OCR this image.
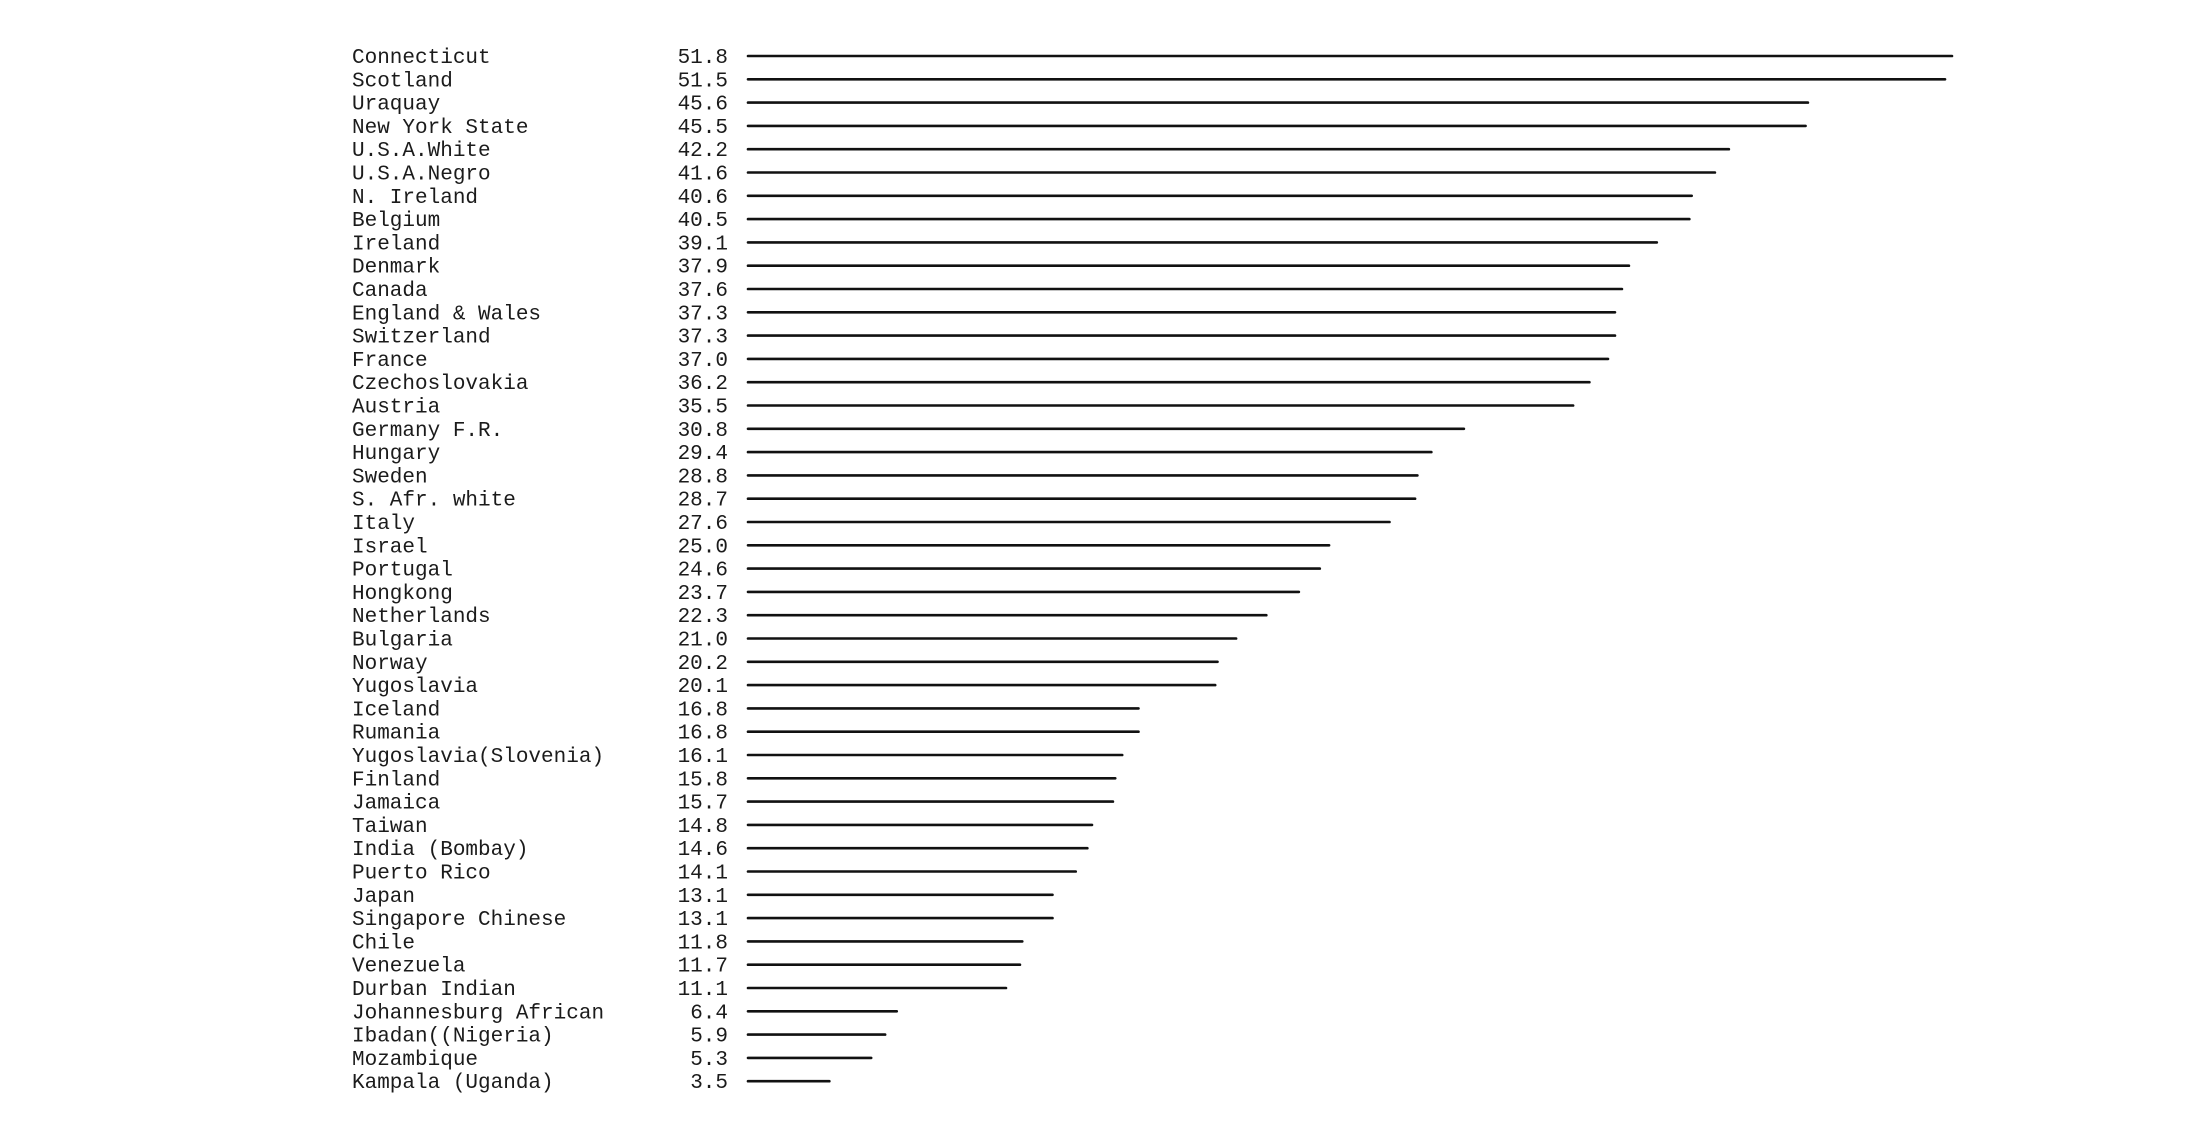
Connecticut
Scotland
Uraquay
New York State
U.S.A.White
U.S.A.Negro
N. Ireland
Belgium
Ireland
Denmark
Canada
England & Wales
Switzerland
France
Czechoslovakia
Austria
Germany F.R.
Hungary
Sweden
S. Afr. white
Italy
Israel
Portugal
Hongkong
Netherlands
Bulgaria
Norway
Yugoslavia
Iceland
Rumania
Yugoslavia(Slovenia)
Finland
Jamaica
Taiwan
India (Bombay)
Puerto Rico
Japan
Singapore Chinese
Chile
Venezuela
Durban Indian
Johannesburg African
Ibadan((Nigeria)
Mozambique
Kampala (Uganda)
51.8
51.5
45.6
45.5
42.2
41.6
40.6
40.5
39.1
37.9
37.6
37.3
37.3
37.0
36.2
35.5
30.8
29.4
28.8
28.7
27.6
25.0
24.6
23.7
22.3
21.0
20.2
20.1
16.8
16.8
16.1
15.8
15.7
14.8
14.6
14.1
13.1
13.1
11.8
11.7
11.1
6.4
5.9
5.3
3.5
